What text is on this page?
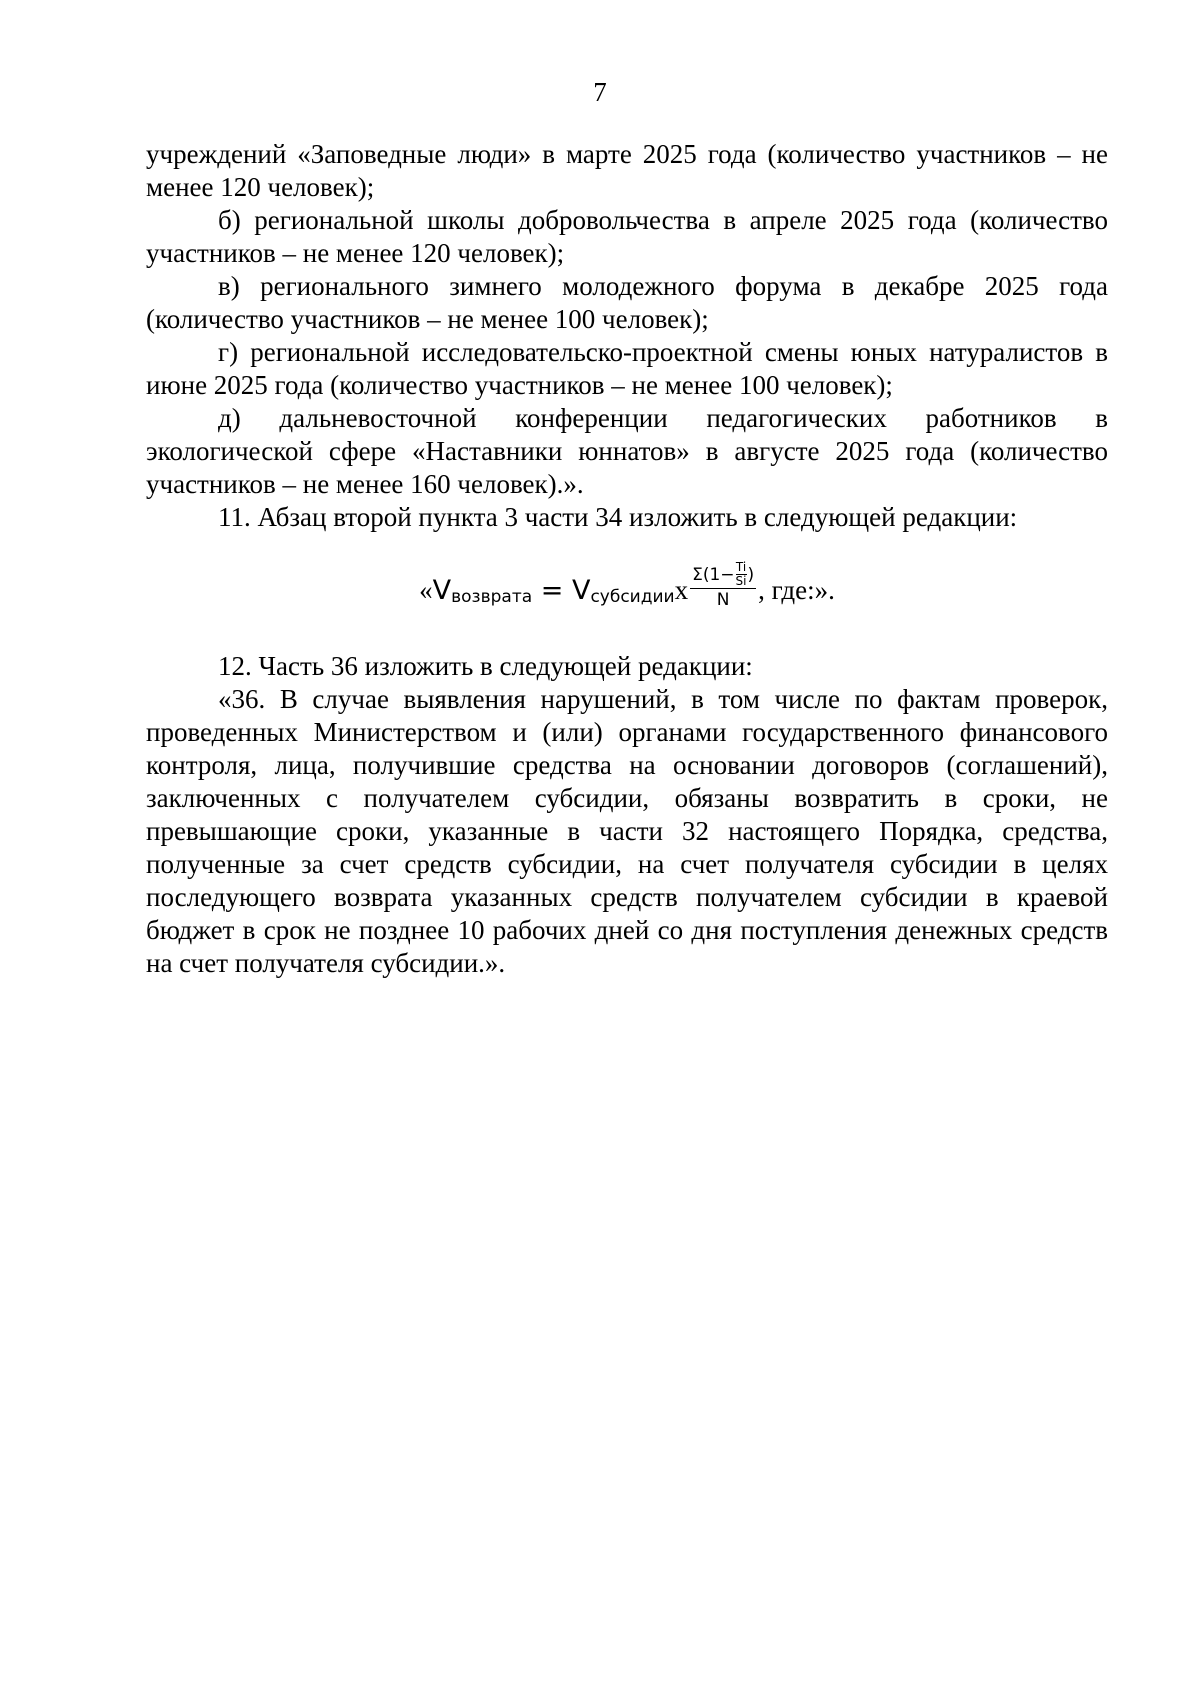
7

учреждений «Заповедные люди» в марте 2025 года (количество участников – не менее 120 человек);

б) региональной школы добровольчества в апреле 2025 года (количество участников – не менее 120 человек);

в) регионального зимнего молодежного форума в декабре 2025 года (количество участников – не менее 100 человек);

г) региональной исследовательско-проектной смены юных натуралистов в июне 2025 года (количество участников – не менее 100 человек);

д) дальневосточной конференции педагогических работников в экологической сфере «Наставники юннатов» в августе 2025 года (количество участников – не менее 160 человек).».

11. Абзац второй пункта 3 части 34 изложить в следующей редакции:

« V возврата = V субсидии x Σ ($1- \frac{Ti}{Si}$ )
N , где:».

12. Часть 36 изложить в следующей редакции:

«36. В случае выявления нарушений, в том числе по фактам проверок, проведенных Министерством и (или) органами государственного финансового контроля, лица, получившие средства на основании договоров (соглашений), заключенных с получателем субсидии, обязаны возвратить в сроки, не превышающие сроки, указанные в части 32 настоящего Порядка, средства, полученные за счет средств субсидии, на счет получателя субсидии в целях последующего возврата указанных средств получателем субсидии в краевой бюджет в срок не позднее 10 рабочих дней со дня поступления денежных средств на счет получателя субсидии.».
